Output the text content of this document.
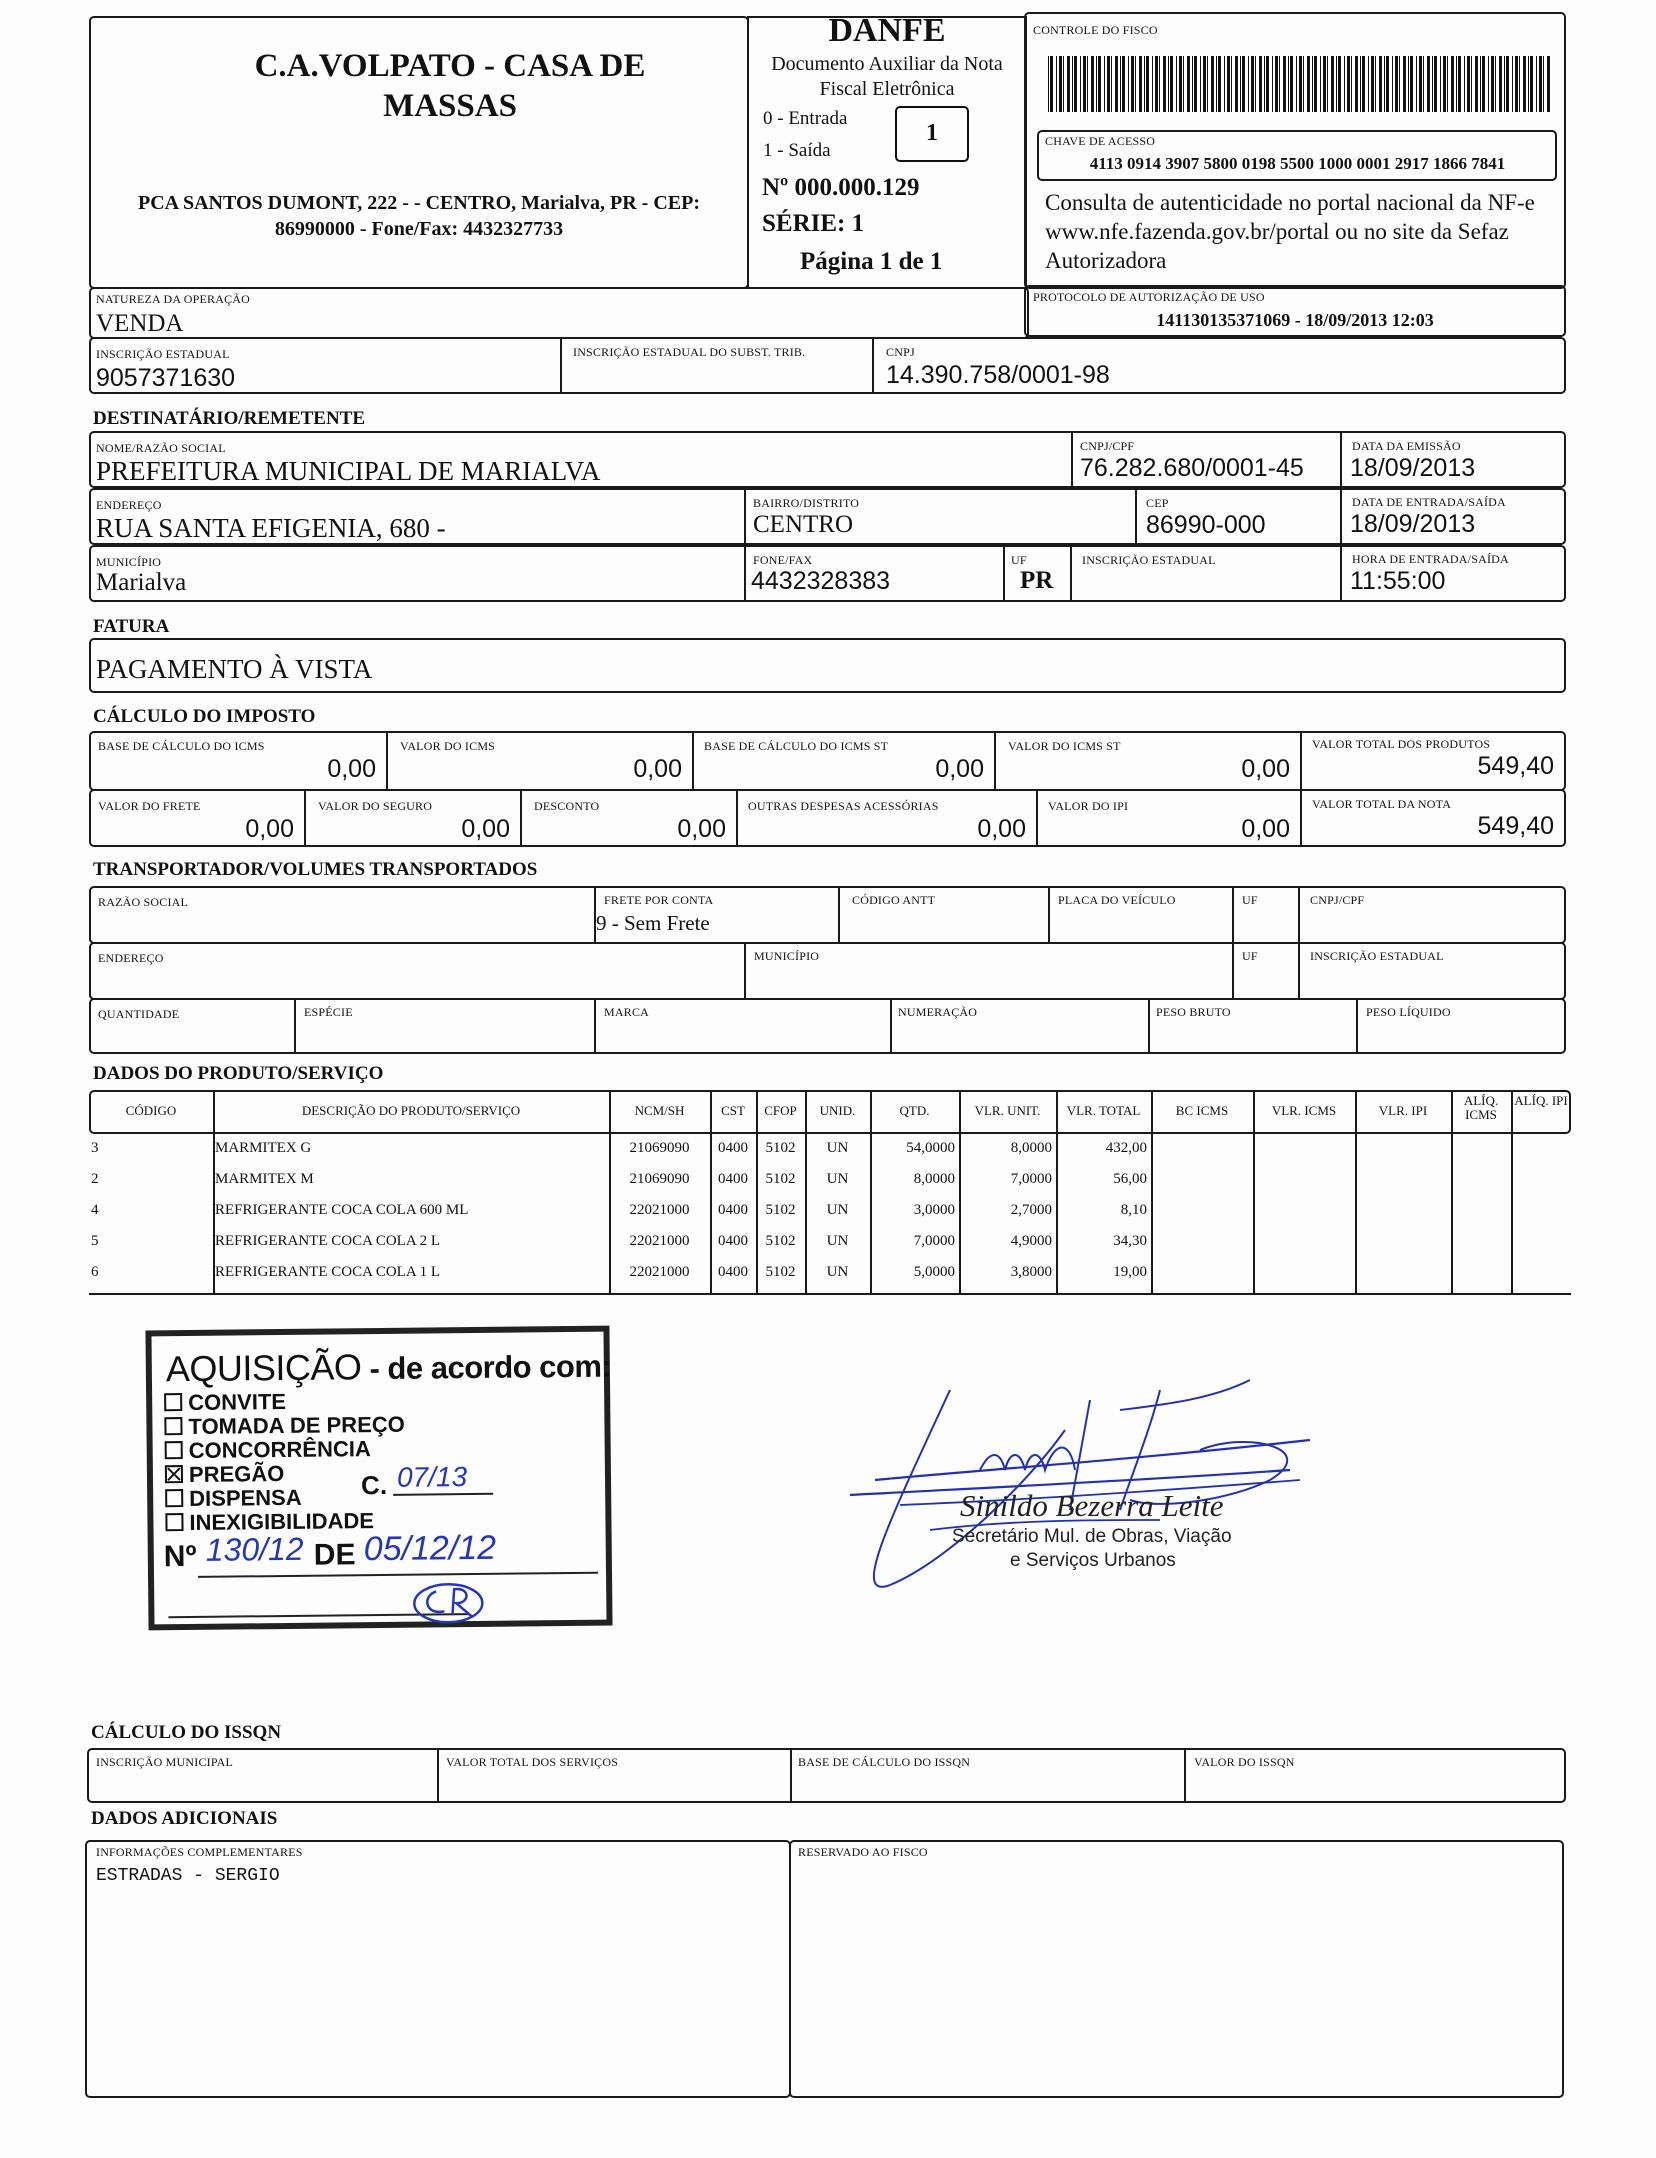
C.A.VOLPATO - CASA DE MASSAS
PCA SANTOS DUMONT, 222 - - CENTRO, Marialva, PR - CEP: 86990000 - Fone/Fax: 4432327733
DANFE
Documento Auxiliar da Nota Fiscal Eletrônica
0 - Entrada
1 - Saída
1
Nº 000.000.129
SÉRIE: 1
Página 1 de 1
CONTROLE DO FISCO
CHAVE DE ACESSO
4113 0914 3907 5800 0198 5500 1000 0001 2917 1866 7841
Consulta de autenticidade no portal nacional da NF-e www.nfe.fazenda.gov.br/portal ou no site da Sefaz Autorizadora
NATUREZA DA OPERAÇÃO
VENDA
PROTOCOLO DE AUTORIZAÇÃO DE USO
141130135371069 - 18/09/2013 12:03
INSCRIÇÃO ESTADUAL
9057371630
INSCRIÇÃO ESTADUAL DO SUBST. TRIB.	CNPJ
14.390.758/0001-98
DESTINATÁRIO/REMETENTE
NOME/RAZÃO SOCIAL
PREFEITURA MUNICIPAL DE MARIALVA
CNPJ/CPF
76.282.680/0001-45
DATA DA EMISSÃO
18/09/2013
ENDEREÇO
RUA SANTA EFIGENIA, 680 -
BAIRRO/DISTRITO
CENTRO
CEP
86990-000
DATA DE ENTRADA/SAÍDA
18/09/2013
MUNICÍPIO
Marialva
FONE/FAX
4432328383
UF
PR
INSCRIÇÃO ESTADUAL	HORA DE ENTRADA/SAÍDA
11:55:00
FATURA
PAGAMENTO À VISTA
CÁLCULO DO IMPOSTO
BASE DE CÁLCULO DO ICMS
0,00
VALOR DO ICMS
0,00
BASE DE CÁLCULO DO ICMS ST
0,00
VALOR DO ICMS ST
0,00
VALOR TOTAL DOS PRODUTOS
549,40
VALOR DO FRETE
0,00
VALOR DO SEGURO
0,00
DESCONTO
0,00
OUTRAS DESPESAS ACESSÓRIAS
0,00
VALOR DO IPI
0,00
VALOR TOTAL DA NOTA
549,40
TRANSPORTADOR/VOLUMES TRANSPORTADOS
RAZÃO SOCIAL	FRETE POR CONTA
9 - Sem Frete
CÓDIGO ANTT	PLACA DO VEÍCULO	UF	CNPJ/CPF
ENDEREÇO	MUNICÍPIO	UF	INSCRIÇÃO ESTADUAL
QUANTIDADE	ESPÉCIE	MARCA	NUMERAÇÃO	PESO BRUTO	PESO LÍQUIDO
DADOS DO PRODUTO/SERVIÇO
CÓDIGO	DESCRIÇÃO DO PRODUTO/SERVIÇO	NCM/SH	CST	CFOP	UNID.	QTD.	VLR. UNIT.	VLR. TOTAL	BC ICMS	VLR. ICMS	VLR. IPI
ALÍQ. ICMS
ALÍQ. IPI
3	MARMITEX G	21069090	0400	5102	UN	54,0000	8,0000	432,00
2	MARMITEX M	21069090	0400	5102	UN	8,0000	7,0000	56,00
4	REFRIGERANTE COCA COLA 600 ML	22021000	0400	5102	UN	3,0000	2,7000	8,10
5	REFRIGERANTE COCA COLA 2 L	22021000	0400	5102	UN	7,0000	4,9000	34,30
6	REFRIGERANTE COCA COLA 1 L	22021000	0400	5102	UN	5,0000	3,8000	19,00
AQUISIÇÃO - de acordo com:
CONVITE
TOMADA DE PREÇO
CONCORRÊNCIA
PREGÃO
DISPENSA
INEXIGIBILIDADE
C. 07/13
Nº 130/12 DE 05/12/12
Sinildo Bezerra Leite
Secretário Mul. de Obras, Viação
e Serviços Urbanos
CÁLCULO DO ISSQN
INSCRIÇÃO MUNICIPAL	VALOR TOTAL DOS SERVIÇOS	BASE DE CÁLCULO DO ISSQN	VALOR DO ISSQN
DADOS ADICIONAIS
INFORMAÇÕES COMPLEMENTARES
ESTRADAS - SERGIO
RESERVADO AO FISCO
